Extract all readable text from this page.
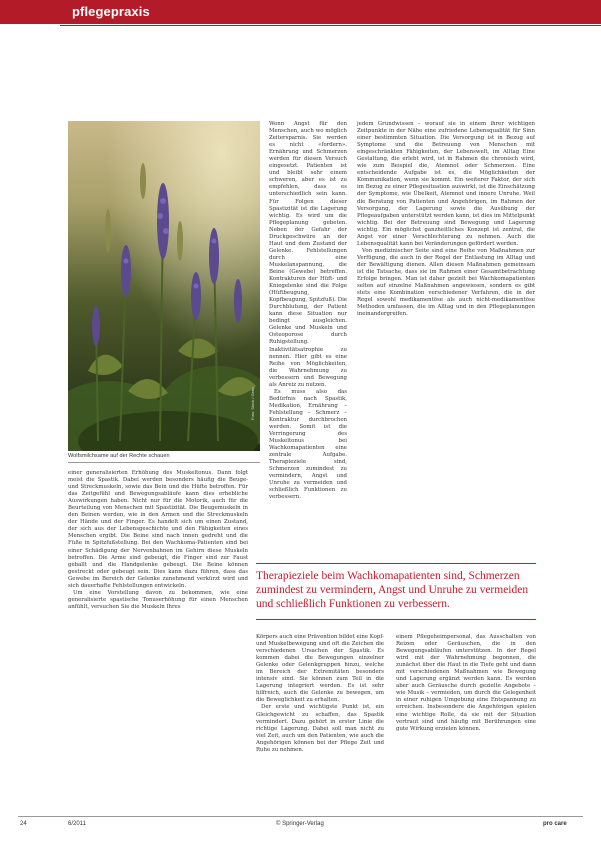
pflegepraxis
Foto: Stock / Getty
Wolfsmilchsame auf der Rechte schauen

Wenn Angst für den Menschen, auch wo möglich Zeitersparnis. Sie werden es nicht «fordern». Ernährung und Schmerzen werden für diesen Versuch eingesetzt. Patienten ist und bleibt sehr einem schweren, aber es ist zu empfehlen, dass es unterschiedlich sein kann. Für Folgen dieser Spastizität ist die Lagerung wichtig. Es wird um die Pflegeplanung gebeten. Neben der Gefahr der Druckgeschwüre an der Haut und dem Zustand der Gelenke. Fehlstellungen durch eine Muskelanspannung, die Beine (Gewebe) betreffen. Kontrakturen der Hüft- und Kniegelenke sind die Folge (Hüftbeugung, Kopfbeugung, Spitzfuß). Die Durchblutung, der Patient kann diese Situation nur bedingt ausgleichen. Gelenke und Muskeln und Osteoporose durch Ruhigstellung. Inaktivitätsatrophie zu nennen. Hier gibt es eine Reihe von Möglichkeiten, die Wahrnehmung zu verbessern und Bewegung als Anreiz zu nutzen.

Es muss also das Bedürfnis nach Spastik, Medikation, Ernährung – Fehlstellung – Schmerz – Kontraktur durchbrochen werden. Somit ist die Verringerung des Muskeltonus bei Wachkomapatienten eine zentrale Aufgabe. Therapieziele sind, Schmerzen zumindest zu vermindern, Angst und Unruhe zu vermeiden und schließlich Funktionen zu verbessern.

jedem Grundwissen – worauf sie in einem ihrer wichtigen Zeitpunkte in der Nähe eine zufriedene Lebensqualität für Sinn einer bestimmten Situation. Die Versorgung ist in Bezug auf Symptome und die Betreuung von Menschen mit eingeschränkten Fähigkeiten, der Lebenswelt, im Alltag Eine Gestaltung, die erlebt wird, ist in Rahmen die chronisch wird, wie zum Beispiel die, Atemnot oder Schmerzen. Eine entscheidende Aufgabe ist es, die Möglichkeiten der Kommunikation, wenn sie kommt. Ein weiterer Faktor, der sich im Bezug zu einer Pflegesituation auswirkt, ist die Einschätzung der Symptome, wie Übelkeit, Atemnot und innere Unruhe. Weil die Beratung von Patienten und Angehörigen, im Rahmen der Versorgung, der Lagerung sowie die Ausübung der Pflegeaufgaben unterstützt werden kann, ist dies im Mittelpunkt wichtig. Bei der Betreuung sind Bewegung und Lagerung wichtig. Ein möglichst ganzheitliches Konzept ist zentral, die Angst vor einer Verschlechterung zu nehmen. Auch die Lebensqualität kann bei Veränderungen gefördert werden.

Von medizinischer Seite sind eine Reihe von Maßnahmen zur Verfügung, die auch in der Regel der Entlastung im Alltag und der Bewältigung dienen. Allen diesen Maßnahmen gemeinsam ist die Tatsache, dass sie im Rahmen einer Gesamtbetrachtung Erfolge bringen. Man ist daher gezielt bei Wachkomapatienten selten auf einzelne Maßnahmen angewiesen, sondern es gibt stets eine Kombination verschiedener Verfahren, die in der Regel sowohl medikamentöse als auch nicht-medikamentöse Methoden umfassen, die im Alltag und in den Pflegeplanungen ineinandergreifen.

einer generalisierten Erhöhung des Muskeltonus. Dann folgt meist die Spastik. Dabei werden besonders häufig die Beuge- und Streckmuskeln, sowie das Bein und die Hüfte betroffen. Für das Zeitgefühl und Bewegungsabläufe kann dies erhebliche Auswirkungen haben. Nicht nur für die Motorik, auch für die Beurteilung von Menschen mit Spastizität. Die Beugemuskeln in den Beinen werden, wie in den Armen und die Streckmuskeln der Hände und der Finger. Es handelt sich um einen Zustand, der sich aus der Lebensgeschichte und den Fähigkeiten eines Menschen ergibt. Die Beine sind nach innen gedreht und die Füße in Spitzfußstellung. Bei den Wachkoma-Patienten sind bei einer Schädigung der Nervenbahnen im Gehirn diese Muskeln betroffen. Die Arme sind gebeugt, die Finger sind zur Faust geballt und die Handgelenke gebeugt. Die Beine können gestreckt oder gebeugt sein. Dies kann dazu führen, dass das Gewebe im Bereich der Gelenke zunehmend verkürzt wird und sich dauerhafte Fehlstellungen entwickeln.

Um eine Vorstellung davon zu bekommen, wie eine generalisierte spastische Tonuserhöhung für einen Menschen anfühlt, versuchen Sie die Muskeln Ihres

Therapieziele beim Wachkomapatienten sind, Schmerzen zumindest zu vermindern, Angst und Unruhe zu vermeiden und schließlich Funktionen zu verbessern.

Körpers auch eine Prävention bildet eine Kopf- und Muskelbewegung sind oft die Zeichen die verschiedenen Ursachen der Spastik. Es kommen dabei die Bewegungen einzelner Gelenke oder Gelenkgruppen hinzu, welche im Bereich der Extremitäten besonders intensiv sind. Sie können zum Teil in die Lagerung integriert werden. Es ist sehr hilfreich, auch die Gelenke zu bewegen, um die Beweglichkeit zu erhalten.

Der erste und wichtigste Punkt ist, ein Gleichgewicht zu schaffen, das Spastik vermindert. Dazu gehört in erster Linie die richtige Lagerung. Dabei soll man nicht zu viel Zeit, auch um den Patienten, wie auch die Angehörigen können bei der Pflege Zeit und Ruhe zu nehmen.

einem Pflegeheimpersonal, das Ausschalten von Reizen oder Geräuschen, die in den Bewegungsabläufen unterstützen. In der Regel wird mit der Wahrnehmung begonnen, die zunächst über die Haut in die Tiefe geht und dann mit verschiedenen Maßnahmen wie Bewegung und Lagerung ergänzt werden kann. Es werden aber auch Geräusche durch gezielte Angebote – wie Musik – vermieden, um durch die Gelegenheit in einer ruhigen Umgebung eine Entspannung zu erreichen. Insbesondere die Angehörigen spielen eine wichtige Rolle, da sie mit der Situation vertraut sind und häufig mit Berührungen eine gute Wirkung erzielen können.

24	6/2011	© Springer-Verlag	pro care
